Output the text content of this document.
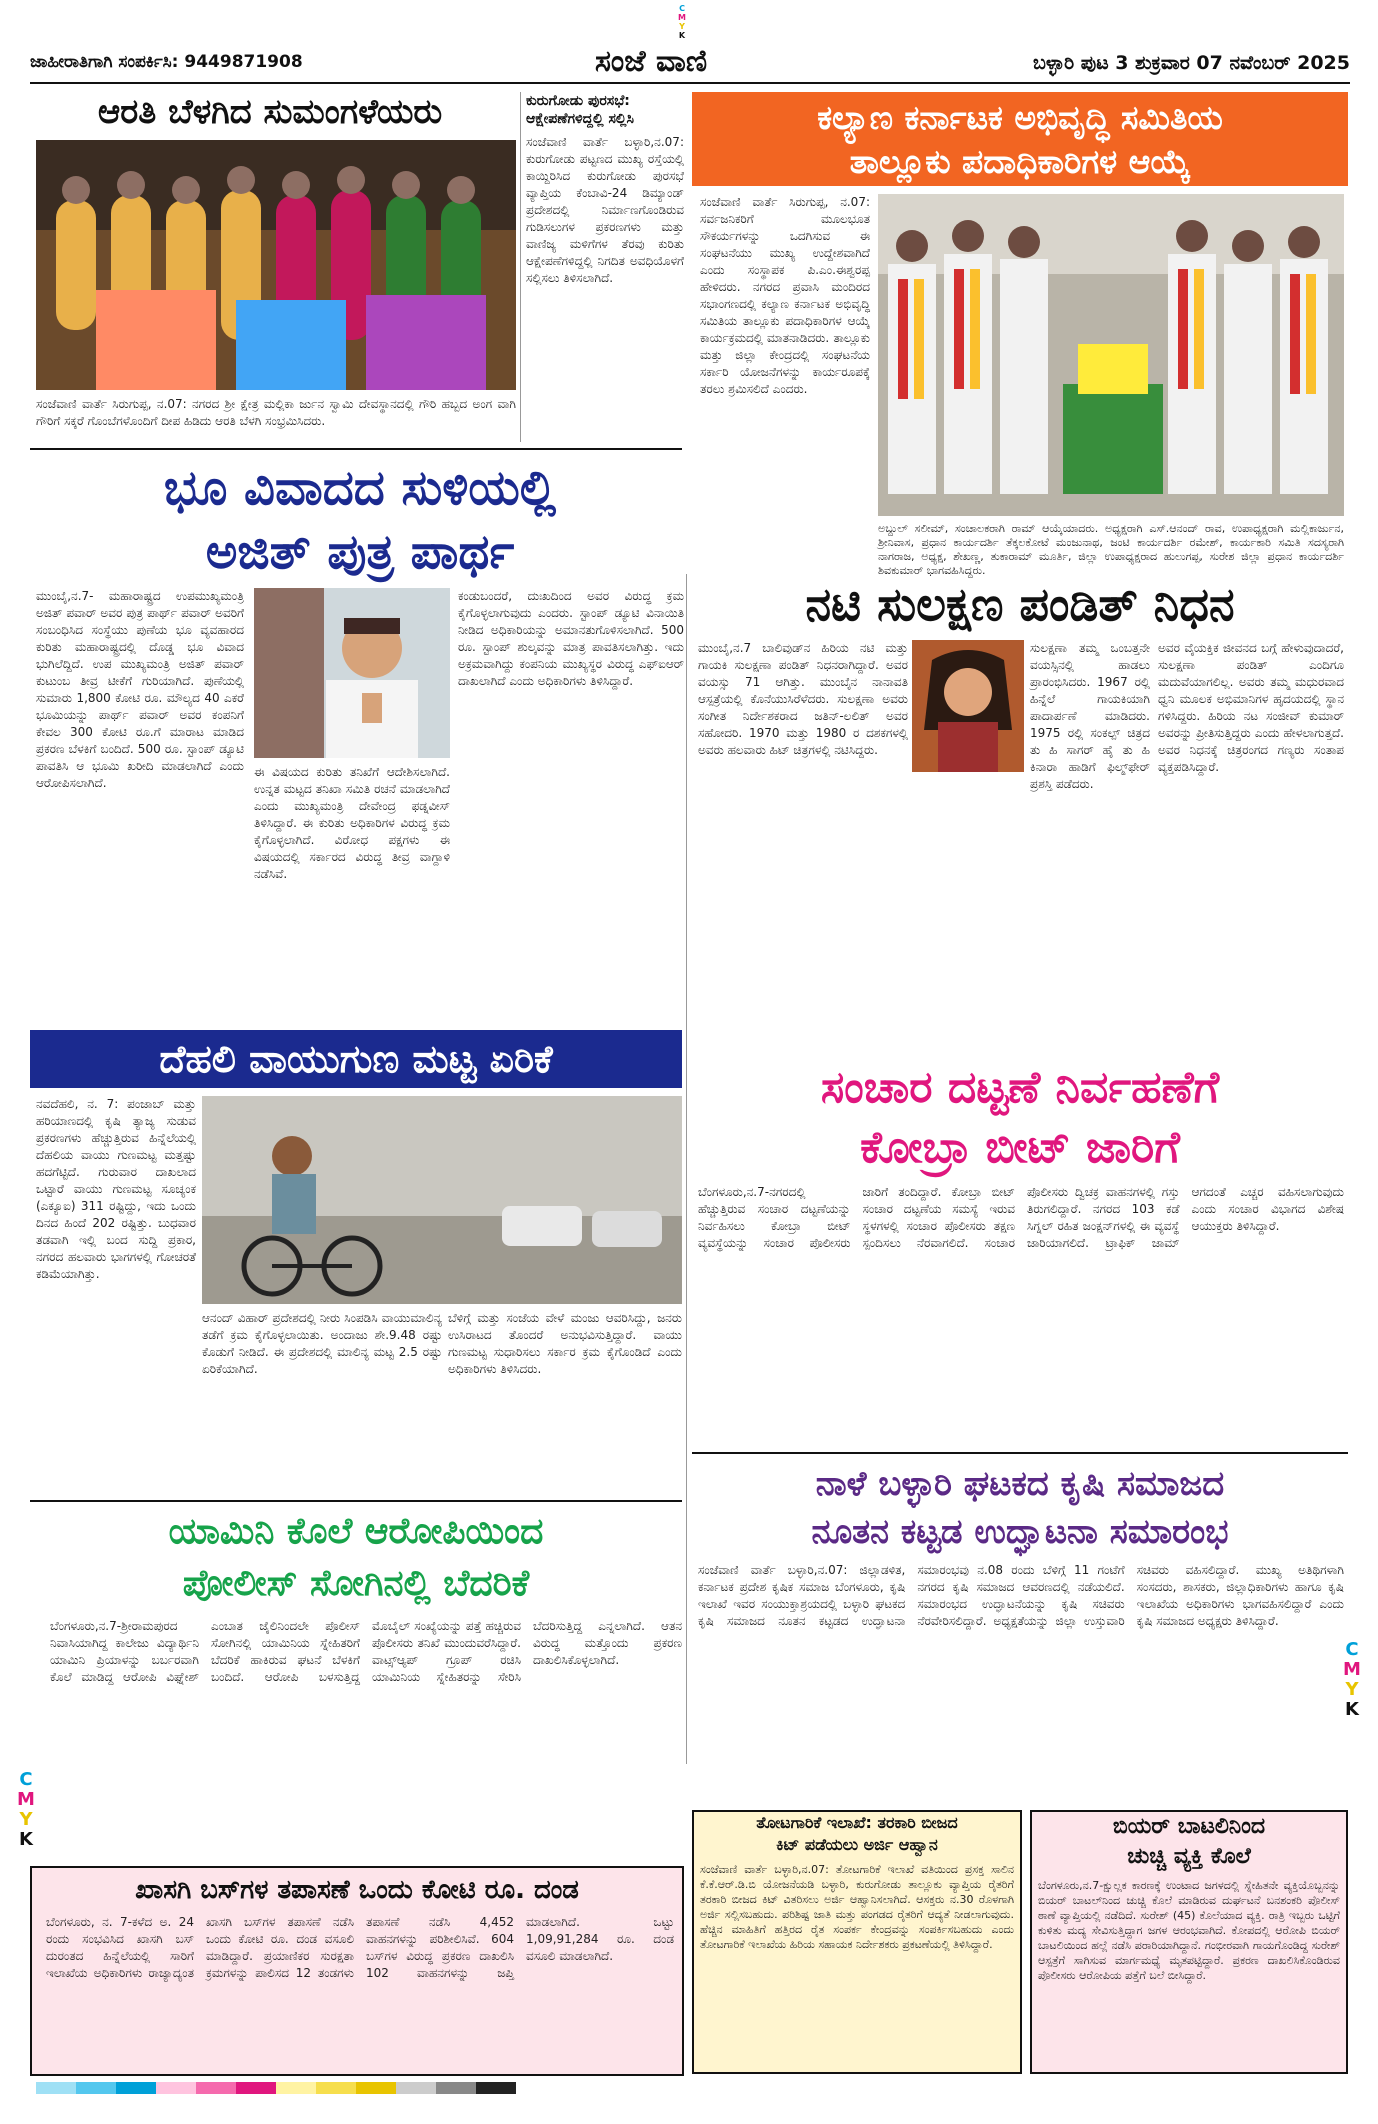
C
M
Y
K
C
M
Y
K
C
M
Y
K
ಜಾಹೀರಾತಿಗಾಗಿ ಸಂಪರ್ಕಿಸಿ: 9449871908	ಸಂಜೆ ವಾಣಿ	ಬಳ್ಳಾರಿ ಪುಟ 3 ಶುಕ್ರವಾರ 07 ನವೆಂಬರ್ 2025
ಆರತಿ ಬೆಳಗಿದ ಸುಮಂಗಳೆಯರು
ಸಂಜೆವಾಣಿ ವಾರ್ತೆ ಸಿರುಗುಪ್ಪ, ನ.07: ನಗರದ ಶ್ರೀ ಕ್ಷೇತ್ರ ಮಲ್ಲಿಕಾ ರ್ಜುನ ಸ್ವಾಮಿ ದೇವಸ್ಥಾನದಲ್ಲಿ ಗೌರಿ ಹಬ್ಬದ ಅಂಗ ವಾಗಿ ಗೌರಿಗೆ ಸಕ್ಕರೆ ಗೊಂಬೆಗಳೊಂದಿಗೆ ದೀಪ ಹಿಡಿದು ಆರತಿ ಬೆಳಗಿ ಸಂಭ್ರಮಿಸಿದರು.
ಕುರುಗೋಡು ಪುರಸಭೆ: ಆಕ್ಷೇಪಣೆಗಳಿದ್ದಲ್ಲಿ ಸಲ್ಲಿಸಿ
ಸಂಜೆವಾಣಿ ವಾರ್ತೆ ಬಳ್ಳಾರಿ,ನ.07: ಕುರುಗೋಡು ಪಟ್ಟಣದ ಮುಖ್ಯ ರಸ್ತೆಯಲ್ಲಿ ಕಾಯ್ದಿರಿಸಿದ ಕುರುಗೋಡು ಪುರಸಭೆ ವ್ಯಾಪ್ತಿಯ ಕೆಂಬಾವಿ-24 ಡಿಮ್ಯಾಂಡ್ ಪ್ರದೇಶದಲ್ಲಿ ನಿರ್ಮಾಣಗೊಂಡಿರುವ ಗುಡಿಸಲುಗಳ ಪ್ರಕರಣಗಳು ಮತ್ತು ವಾಣಿಜ್ಯ ಮಳಿಗೆಗಳ ತೆರವು ಕುರಿತು ಆಕ್ಷೇಪಣೆಗಳಿದ್ದಲ್ಲಿ ನಿಗದಿತ ಅವಧಿಯೊಳಗೆ ಸಲ್ಲಿಸಲು ತಿಳಿಸಲಾಗಿದೆ.
ಕಲ್ಯಾಣ ಕರ್ನಾಟಕ ಅಭಿವೃದ್ಧಿ ಸಮಿತಿಯ
ತಾಲ್ಲೂಕು ಪದಾಧಿಕಾರಿಗಳ ಆಯ್ಕೆ
ಸಂಜೆವಾಣಿ ವಾರ್ತೆ ಸಿರುಗುಪ್ಪ, ನ.07: ಸರ್ವಜನಿಕರಿಗೆ ಮೂಲಭೂತ ಸೌಕರ್ಯಗಳನ್ನು ಒದಗಿಸುವ ಈ ಸಂಘಟನೆಯು ಮುಖ್ಯ ಉದ್ದೇಶವಾಗಿದೆ ಎಂದು ಸಂಸ್ಥಾಪಕ ಪಿ.ಎಂ.ಈಶ್ವರಪ್ಪ ಹೇಳಿದರು. ನಗರದ ಪ್ರವಾಸಿ ಮಂದಿರದ ಸಭಾಂಗಣದಲ್ಲಿ ಕಲ್ಯಾಣ ಕರ್ನಾಟಕ ಅಭಿವೃದ್ಧಿ ಸಮಿತಿಯ ತಾಲ್ಲೂಕು ಪದಾಧಿಕಾರಿಗಳ ಆಯ್ಕೆ ಕಾರ್ಯಕ್ರಮದಲ್ಲಿ ಮಾತನಾಡಿದರು. ತಾಲ್ಲೂಕು ಮತ್ತು ಜಿಲ್ಲಾ ಕೇಂದ್ರದಲ್ಲಿ ಸಂಘಟನೆಯ ಸರ್ಕಾರಿ ಯೋಜನೆಗಳನ್ನು ಕಾರ್ಯರೂಪಕ್ಕೆ ತರಲು ಶ್ರಮಿಸಲಿದೆ ಎಂದರು.
ಅಬ್ದುಲ್ ಸಲೀಮ್, ಸಂಚಾಲಕರಾಗಿ ರಾಮ್ ಆಯ್ಕೆಯಾದರು. ಅಧ್ಯಕ್ಷರಾಗಿ ಎಸ್.ಆನಂದ್ ರಾವ, ಉಪಾಧ್ಯಕ್ಷರಾಗಿ ಮಲ್ಲಿಕಾರ್ಜುನ, ಶ್ರೀನಿವಾಸ, ಪ್ರಧಾನ ಕಾರ್ಯದರ್ಶಿ ತೆಕ್ಕಲಕೋಟೆ ಮಂಜುನಾಥ, ಜಂಟಿ ಕಾರ್ಯದರ್ಶಿ ರಮೇಶ್, ಕಾರ್ಯಕಾರಿ ಸಮಿತಿ ಸದಸ್ಯರಾಗಿ ನಾಗರಾಜ, ಅಧ್ಯಕ್ಷ, ಶೇಖಣ್ಣ, ತುಕಾರಾಮ್ ಮೂರ್ತಿ, ಜಿಲ್ಲಾ ಉಪಾಧ್ಯಕ್ಷರಾದ ಹುಲುಗಪ್ಪ, ಸುರೇಶ ಜಿಲ್ಲಾ ಪ್ರಧಾನ ಕಾರ್ಯದರ್ಶಿ ಶಿವಕುಮಾರ್ ಭಾಗವಹಿಸಿದ್ದರು.
ಭೂ ವಿವಾದದ ಸುಳಿಯಲ್ಲಿ
ಅಜಿತ್ ಪುತ್ರ ಪಾರ್ಥ
ಮುಂಬೈ,ನ.7- ಮಹಾರಾಷ್ಟ್ರದ ಉಪಮುಖ್ಯಮಂತ್ರಿ ಅಜಿತ್ ಪವಾರ್ ಅವರ ಪುತ್ರ ಪಾರ್ಥ್ ಪವಾರ್ ಅವರಿಗೆ ಸಂಬಂಧಿಸಿದ ಸಂಸ್ಥೆಯು ಪುಣೆಯ ಭೂ ವ್ಯವಹಾರದ ಕುರಿತು ಮಹಾರಾಷ್ಟ್ರದಲ್ಲಿ ದೊಡ್ಡ ಭೂ ವಿವಾದ ಭುಗಿಲೆದ್ದಿದೆ. ಉಪ ಮುಖ್ಯಮಂತ್ರಿ ಅಜಿತ್ ಪವಾರ್ ಕುಟುಂಬ ತೀವ್ರ ಟೀಕೆಗೆ ಗುರಿಯಾಗಿದೆ. ಪುಣೆಯಲ್ಲಿ ಸುಮಾರು 1,800 ಕೋಟಿ ರೂ. ಮೌಲ್ಯದ 40 ಎಕರೆ ಭೂಮಿಯನ್ನು ಪಾರ್ಥ್ ಪವಾರ್ ಅವರ ಕಂಪನಿಗೆ ಕೇವಲ 300 ಕೋಟಿ ರೂ.ಗೆ ಮಾರಾಟ ಮಾಡಿದ ಪ್ರಕರಣ ಬೆಳಕಿಗೆ ಬಂದಿದೆ. 500 ರೂ. ಸ್ಟಾಂಪ್ ಡ್ಯೂಟಿ ಪಾವತಿಸಿ ಆ ಭೂಮಿ ಖರೀದಿ ಮಾಡಲಾಗಿದೆ ಎಂದು ಆರೋಪಿಸಲಾಗಿದೆ.
ಈ ವಿಷಯದ ಕುರಿತು ತನಿಖೆಗೆ ಆದೇಶಿಸಲಾಗಿದೆ. ಉನ್ನತ ಮಟ್ಟದ ತನಿಖಾ ಸಮಿತಿ ರಚನೆ ಮಾಡಲಾಗಿದೆ ಎಂದು ಮುಖ್ಯಮಂತ್ರಿ ದೇವೇಂದ್ರ ಫಡ್ನವೀಸ್ ತಿಳಿಸಿದ್ದಾರೆ. ಈ ಕುರಿತು ಅಧಿಕಾರಿಗಳ ವಿರುದ್ಧ ಕ್ರಮ ಕೈಗೊಳ್ಳಲಾಗಿದೆ. ವಿರೋಧ ಪಕ್ಷಗಳು ಈ ವಿಷಯದಲ್ಲಿ ಸರ್ಕಾರದ ವಿರುದ್ಧ ತೀವ್ರ ವಾಗ್ದಾಳಿ ನಡೆಸಿವೆ.
ಕಂಡುಬಂದರೆ, ದುಃಖದಿಂದ ಅವರ ವಿರುದ್ಧ ಕ್ರಮ ಕೈಗೊಳ್ಳಲಾಗುವುದು ಎಂದರು. ಸ್ಟಾಂಪ್ ಡ್ಯೂಟಿ ವಿನಾಯಿತಿ ನೀಡಿದ ಅಧಿಕಾರಿಯನ್ನು ಅಮಾನತುಗೊಳಿಸಲಾಗಿದೆ. 500 ರೂ. ಸ್ಟಾಂಪ್ ಶುಲ್ಕವನ್ನು ಮಾತ್ರ ಪಾವತಿಸಲಾಗಿತ್ತು. ಇದು ಅಕ್ರಮವಾಗಿದ್ದು ಕಂಪನಿಯ ಮುಖ್ಯಸ್ಥರ ವಿರುದ್ಧ ಎಫ್‌ಐಆರ್ ದಾಖಲಾಗಿದೆ ಎಂದು ಅಧಿಕಾರಿಗಳು ತಿಳಿಸಿದ್ದಾರೆ.
ನಟಿ ಸುಲಕ್ಷಣ ಪಂಡಿತ್ ನಿಧನ
ಮುಂಬೈ,ನ.7 ಬಾಲಿವುಡ್‌ನ ಹಿರಿಯ ನಟಿ ಮತ್ತು ಗಾಯಕಿ ಸುಲಕ್ಷಣಾ ಪಂಡಿತ್ ನಿಧನರಾಗಿದ್ದಾರೆ. ಅವರ ವಯಸ್ಸು 71 ಆಗಿತ್ತು. ಮುಂಬೈನ ನಾನಾವತಿ ಆಸ್ಪತ್ರೆಯಲ್ಲಿ ಕೊನೆಯುಸಿರೆಳೆದರು. ಸುಲಕ್ಷಣಾ ಅವರು ಸಂಗೀತ ನಿರ್ದೇಶಕರಾದ ಜತಿನ್-ಲಲಿತ್ ಅವರ ಸಹೋದರಿ. 1970 ಮತ್ತು 1980 ರ ದಶಕಗಳಲ್ಲಿ ಅವರು ಹಲವಾರು ಹಿಟ್ ಚಿತ್ರಗಳಲ್ಲಿ ನಟಿಸಿದ್ದರು.
ಸುಲಕ್ಷಣಾ ತಮ್ಮ ಒಂಬತ್ತನೇ ವಯಸ್ಸಿನಲ್ಲಿ ಹಾಡಲು ಪ್ರಾರಂಭಿಸಿದರು. 1967 ರಲ್ಲಿ ಹಿನ್ನೆಲೆ ಗಾಯಕಿಯಾಗಿ ಪಾದಾರ್ಪಣೆ ಮಾಡಿದರು. 1975 ರಲ್ಲಿ ಸಂಕಲ್ಪ್ ಚಿತ್ರದ ತು ಹಿ ಸಾಗರ್ ಹೈ ತು ಹಿ ಕಿನಾರಾ ಹಾಡಿಗೆ ಫಿಲ್ಮ್‌ಫೇರ್ ಪ್ರಶಸ್ತಿ ಪಡೆದರು.
ಅವರ ವೈಯಕ್ತಿಕ ಜೀವನದ ಬಗ್ಗೆ ಹೇಳುವುದಾದರೆ, ಸುಲಕ್ಷಣಾ ಪಂಡಿತ್ ಎಂದಿಗೂ ಮದುವೆಯಾಗಲಿಲ್ಲ. ಅವರು ತಮ್ಮ ಮಧುರವಾದ ಧ್ವನಿ ಮೂಲಕ ಅಭಿಮಾನಿಗಳ ಹೃದಯದಲ್ಲಿ ಸ್ಥಾನ ಗಳಿಸಿದ್ದರು. ಹಿರಿಯ ನಟ ಸಂಜೀವ್ ಕುಮಾರ್ ಅವರನ್ನು ಪ್ರೀತಿಸುತ್ತಿದ್ದರು ಎಂದು ಹೇಳಲಾಗುತ್ತದೆ. ಅವರ ನಿಧನಕ್ಕೆ ಚಿತ್ರರಂಗದ ಗಣ್ಯರು ಸಂತಾಪ ವ್ಯಕ್ತಪಡಿಸಿದ್ದಾರೆ.
ಸಂಚಾರ ದಟ್ಟಣೆ ನಿರ್ವಹಣೆಗೆ
ಕೋಬ್ರಾ ಬೀಟ್ ಜಾರಿಗೆ
ಬೆಂಗಳೂರು,ನ.7-ನಗರದಲ್ಲಿ ಹೆಚ್ಚುತ್ತಿರುವ ಸಂಚಾರ ದಟ್ಟಣೆಯನ್ನು ನಿರ್ವಹಿಸಲು ಕೋಬ್ರಾ ಬೀಟ್ ವ್ಯವಸ್ಥೆಯನ್ನು ಸಂಚಾರ ಪೊಲೀಸರು ಜಾರಿಗೆ ತಂದಿದ್ದಾರೆ. ಕೋಬ್ರಾ ಬೀಟ್ ಸಂಚಾರ ದಟ್ಟಣೆಯ ಸಮಸ್ಯೆ ಇರುವ ಸ್ಥಳಗಳಲ್ಲಿ ಸಂಚಾರ ಪೊಲೀಸರು ತಕ್ಷಣ ಸ್ಪಂದಿಸಲು ನೆರವಾಗಲಿದೆ. ಸಂಚಾರ ಪೊಲೀಸರು ದ್ವಿಚಕ್ರ ವಾಹನಗಳಲ್ಲಿ ಗಸ್ತು ತಿರುಗಲಿದ್ದಾರೆ. ನಗರದ 103 ಕಡೆ ಸಿಗ್ನಲ್ ರಹಿತ ಜಂಕ್ಷನ್‌ಗಳಲ್ಲಿ ಈ ವ್ಯವಸ್ಥೆ ಜಾರಿಯಾಗಲಿದೆ. ಟ್ರಾಫಿಕ್ ಜಾಮ್ ಆಗದಂತೆ ಎಚ್ಚರ ವಹಿಸಲಾಗುವುದು ಎಂದು ಸಂಚಾರ ವಿಭಾಗದ ವಿಶೇಷ ಆಯುಕ್ತರು ತಿಳಿಸಿದ್ದಾರೆ.
ದೆಹಲಿ ವಾಯುಗುಣ ಮಟ್ಟ ಏರಿಕೆ
ನವದೆಹಲಿ, ನ. 7: ಪಂಜಾಬ್ ಮತ್ತು ಹರಿಯಾಣದಲ್ಲಿ ಕೃಷಿ ತ್ಯಾಜ್ಯ ಸುಡುವ ಪ್ರಕರಣಗಳು ಹೆಚ್ಚುತ್ತಿರುವ ಹಿನ್ನೆಲೆಯಲ್ಲಿ ದೆಹಲಿಯ ವಾಯು ಗುಣಮಟ್ಟ ಮತ್ತಷ್ಟು ಹದಗೆಟ್ಟಿದೆ. ಗುರುವಾರ ದಾಖಲಾದ ಒಟ್ಟಾರೆ ವಾಯು ಗುಣಮಟ್ಟ ಸೂಚ್ಯಂಕ (ಎಕ್ಯೂಐ) 311 ರಷ್ಟಿದ್ದು, ಇದು ಒಂದು ದಿನದ ಹಿಂದೆ 202 ರಷ್ಟಿತ್ತು. ಬುಧವಾರ ತಡವಾಗಿ ಇಲ್ಲಿ ಬಂದ ಸುದ್ದಿ ಪ್ರಕಾರ, ನಗರದ ಹಲವಾರು ಭಾಗಗಳಲ್ಲಿ ಗೋಚರತೆ ಕಡಿಮೆಯಾಗಿತ್ತು.
ಆನಂದ್ ವಿಹಾರ್ ಪ್ರದೇಶದಲ್ಲಿ ನೀರು ಸಿಂಪಡಿಸಿ ವಾಯುಮಾಲಿನ್ಯ ತಡೆಗೆ ಕ್ರಮ ಕೈಗೊಳ್ಳಲಾಯಿತು. ಅಂದಾಜು ಶೇ.9.48 ರಷ್ಟು ಕೊಡುಗೆ ನೀಡಿದೆ. ಈ ಪ್ರದೇಶದಲ್ಲಿ ಮಾಲಿನ್ಯ ಮಟ್ಟ 2.5 ರಷ್ಟು ಏರಿಕೆಯಾಗಿದೆ.
ಬೆಳಿಗ್ಗೆ ಮತ್ತು ಸಂಜೆಯ ವೇಳೆ ಮಂಜು ಆವರಿಸಿದ್ದು, ಜನರು ಉಸಿರಾಟದ ತೊಂದರೆ ಅನುಭವಿಸುತ್ತಿದ್ದಾರೆ. ವಾಯು ಗುಣಮಟ್ಟ ಸುಧಾರಿಸಲು ಸರ್ಕಾರ ಕ್ರಮ ಕೈಗೊಂಡಿದೆ ಎಂದು ಅಧಿಕಾರಿಗಳು ತಿಳಿಸಿದರು.
ನಾಳೆ ಬಳ್ಳಾರಿ ಘಟಕದ ಕೃಷಿ ಸಮಾಜದ
ನೂತನ ಕಟ್ಟಡ ಉದ್ಘಾಟನಾ ಸಮಾರಂಭ
ಸಂಜೆವಾಣಿ ವಾರ್ತೆ ಬಳ್ಳಾರಿ,ನ.07: ಜಿಲ್ಲಾಡಳಿತ, ಕರ್ನಾಟಕ ಪ್ರದೇಶ ಕೃಷಿಕ ಸಮಾಜ ಬೆಂಗಳೂರು, ಕೃಷಿ ಇಲಾಖೆ ಇವರ ಸಂಯುಕ್ತಾಶ್ರಯದಲ್ಲಿ ಬಳ್ಳಾರಿ ಘಟಕದ ಕೃಷಿ ಸಮಾಜದ ನೂತನ ಕಟ್ಟಡದ ಉದ್ಘಾಟನಾ ಸಮಾರಂಭವು ನ.08 ರಂದು ಬೆಳಿಗ್ಗೆ 11 ಗಂಟೆಗೆ ನಗರದ ಕೃಷಿ ಸಮಾಜದ ಆವರಣದಲ್ಲಿ ನಡೆಯಲಿದೆ. ಸಮಾರಂಭದ ಉದ್ಘಾಟನೆಯನ್ನು ಕೃಷಿ ಸಚಿವರು ನೆರವೇರಿಸಲಿದ್ದಾರೆ. ಅಧ್ಯಕ್ಷತೆಯನ್ನು ಜಿಲ್ಲಾ ಉಸ್ತುವಾರಿ ಸಚಿವರು ವಹಿಸಲಿದ್ದಾರೆ. ಮುಖ್ಯ ಅತಿಥಿಗಳಾಗಿ ಸಂಸದರು, ಶಾಸಕರು, ಜಿಲ್ಲಾಧಿಕಾರಿಗಳು ಹಾಗೂ ಕೃಷಿ ಇಲಾಖೆಯ ಅಧಿಕಾರಿಗಳು ಭಾಗವಹಿಸಲಿದ್ದಾರೆ ಎಂದು ಕೃಷಿ ಸಮಾಜದ ಅಧ್ಯಕ್ಷರು ತಿಳಿಸಿದ್ದಾರೆ.
ಯಾಮಿನಿ ಕೊಲೆ ಆರೋಪಿಯಿಂದ
ಪೋಲೀಸ್ ಸೋಗಿನಲ್ಲಿ ಬೆದರಿಕೆ
ಬೆಂಗಳೂರು,ನ.7-ಶ್ರೀರಾಮಪುರದ ನಿವಾಸಿಯಾಗಿದ್ದ ಕಾಲೇಜು ವಿದ್ಯಾರ್ಥಿನಿ ಯಾಮಿನಿ ಪ್ರಿಯಾಳನ್ನು ಬರ್ಬರವಾಗಿ ಕೊಲೆ ಮಾಡಿದ್ದ ಆರೋಪಿ ವಿಘ್ನೇಶ್ ಎಂಬಾತ ಜೈಲಿನಿಂದಲೇ ಪೊಲೀಸ್ ಸೋಗಿನಲ್ಲಿ ಯಾಮಿನಿಯ ಸ್ನೇಹಿತರಿಗೆ ಬೆದರಿಕೆ ಹಾಕಿರುವ ಘಟನೆ ಬೆಳಕಿಗೆ ಬಂದಿದೆ. ಆರೋಪಿ ಬಳಸುತ್ತಿದ್ದ ಮೊಬೈಲ್ ಸಂಖ್ಯೆಯನ್ನು ಪತ್ತೆ ಹಚ್ಚಿರುವ ಪೊಲೀಸರು ತನಿಖೆ ಮುಂದುವರೆಸಿದ್ದಾರೆ. ವಾಟ್ಸ್‌ಆ್ಯಪ್ ಗ್ರೂಪ್ ರಚಿಸಿ ಯಾಮಿನಿಯ ಸ್ನೇಹಿತರನ್ನು ಸೇರಿಸಿ ಬೆದರಿಸುತ್ತಿದ್ದ ಎನ್ನಲಾಗಿದೆ. ಆತನ ವಿರುದ್ಧ ಮತ್ತೊಂದು ಪ್ರಕರಣ ದಾಖಲಿಸಿಕೊಳ್ಳಲಾಗಿದೆ.
ಖಾಸಗಿ ಬಸ್‌ಗಳ ತಪಾಸಣೆ ಒಂದು ಕೋಟಿ ರೂ. ದಂಡ
ಬೆಂಗಳೂರು, ನ. 7-ಕಳೆದ ಅ. 24 ರಂದು ಸಂಭವಿಸಿದ ಖಾಸಗಿ ಬಸ್ ದುರಂತದ ಹಿನ್ನೆಲೆಯಲ್ಲಿ ಸಾರಿಗೆ ಇಲಾಖೆಯ ಅಧಿಕಾರಿಗಳು ರಾಜ್ಯಾದ್ಯಂತ ಖಾಸಗಿ ಬಸ್‌ಗಳ ತಪಾಸಣೆ ನಡೆಸಿ ಒಂದು ಕೋಟಿ ರೂ. ದಂಡ ವಸೂಲಿ ಮಾಡಿದ್ದಾರೆ. ಪ್ರಯಾಣಿಕರ ಸುರಕ್ಷತಾ ಕ್ರಮಗಳನ್ನು ಪಾಲಿಸದ 12 ತಂಡಗಳು ತಪಾಸಣೆ ನಡೆಸಿ 4,452 ವಾಹನಗಳನ್ನು ಪರಿಶೀಲಿಸಿವೆ. 604 ಬಸ್‌ಗಳ ವಿರುದ್ಧ ಪ್ರಕರಣ ದಾಖಲಿಸಿ 102 ವಾಹನಗಳನ್ನು ಜಪ್ತಿ ಮಾಡಲಾಗಿದೆ. ಒಟ್ಟು 1,09,91,284 ರೂ. ದಂಡ ವಸೂಲಿ ಮಾಡಲಾಗಿದೆ.
ತೋಟಗಾರಿಕೆ ಇಲಾಖೆ: ತರಕಾರಿ ಬೀಜದ
ಕಿಟ್ ಪಡೆಯಲು ಅರ್ಜಿ ಆಹ್ವಾನ
ಸಂಜೆವಾಣಿ ವಾರ್ತೆ ಬಳ್ಳಾರಿ,ನ.07: ತೋಟಗಾರಿಕೆ ಇಲಾಖೆ ವತಿಯಿಂದ ಪ್ರಸಕ್ತ ಸಾಲಿನ ಕೆ.ಕೆ.ಆರ್.ಡಿ.ಬಿ ಯೋಜನೆಯಡಿ ಬಳ್ಳಾರಿ, ಕುರುಗೋಡು ತಾಲ್ಲೂಕು ವ್ಯಾಪ್ತಿಯ ರೈತರಿಗೆ ತರಕಾರಿ ಬೀಜದ ಕಿಟ್ ವಿತರಿಸಲು ಅರ್ಜಿ ಆಹ್ವಾನಿಸಲಾಗಿದೆ. ಆಸಕ್ತರು ನ.30 ರೊಳಗಾಗಿ ಅರ್ಜಿ ಸಲ್ಲಿಸಬಹುದು. ಪರಿಶಿಷ್ಟ ಜಾತಿ ಮತ್ತು ಪಂಗಡದ ರೈತರಿಗೆ ಆದ್ಯತೆ ನೀಡಲಾಗುವುದು. ಹೆಚ್ಚಿನ ಮಾಹಿತಿಗೆ ಹತ್ತಿರದ ರೈತ ಸಂಪರ್ಕ ಕೇಂದ್ರವನ್ನು ಸಂಪರ್ಕಿಸಬಹುದು ಎಂದು ತೋಟಗಾರಿಕೆ ಇಲಾಖೆಯ ಹಿರಿಯ ಸಹಾಯಕ ನಿರ್ದೇಶಕರು ಪ್ರಕಟಣೆಯಲ್ಲಿ ತಿಳಿಸಿದ್ದಾರೆ.
ಬಿಯರ್ ಬಾಟಲಿನಿಂದ
ಚುಚ್ಚಿ ವ್ಯಕ್ತಿ ಕೊಲೆ
ಬೆಂಗಳೂರು,ನ.7-ಕ್ಷುಲ್ಲಕ ಕಾರಣಕ್ಕೆ ಉಂಟಾದ ಜಗಳದಲ್ಲಿ ಸ್ನೇಹಿತನೇ ವ್ಯಕ್ತಿಯೊಬ್ಬನನ್ನು ಬಿಯರ್ ಬಾಟಲ್‌ನಿಂದ ಚುಚ್ಚಿ ಕೊಲೆ ಮಾಡಿರುವ ದುರ್ಘಟನೆ ಬನಶಂಕರಿ ಪೊಲೀಸ್ ಠಾಣೆ ವ್ಯಾಪ್ತಿಯಲ್ಲಿ ನಡೆದಿದೆ. ಸುರೇಶ್ (45) ಕೊಲೆಯಾದ ವ್ಯಕ್ತಿ. ರಾತ್ರಿ ಇಬ್ಬರು ಒಟ್ಟಿಗೆ ಕುಳಿತು ಮದ್ಯ ಸೇವಿಸುತ್ತಿದ್ದಾಗ ಜಗಳ ಆರಂಭವಾಗಿದೆ. ಕೋಪದಲ್ಲಿ ಆರೋಪಿ ಬಿಯರ್ ಬಾಟಲಿಯಿಂದ ಹಲ್ಲೆ ನಡೆಸಿ ಪರಾರಿಯಾಗಿದ್ದಾನೆ. ಗಂಭೀರವಾಗಿ ಗಾಯಗೊಂಡಿದ್ದ ಸುರೇಶ್ ಆಸ್ಪತ್ರೆಗೆ ಸಾಗಿಸುವ ಮಾರ್ಗಮಧ್ಯೆ ಮೃತಪಟ್ಟಿದ್ದಾರೆ. ಪ್ರಕರಣ ದಾಖಲಿಸಿಕೊಂಡಿರುವ ಪೊಲೀಸರು ಆರೋಪಿಯ ಪತ್ತೆಗೆ ಬಲೆ ಬೀಸಿದ್ದಾರೆ.
